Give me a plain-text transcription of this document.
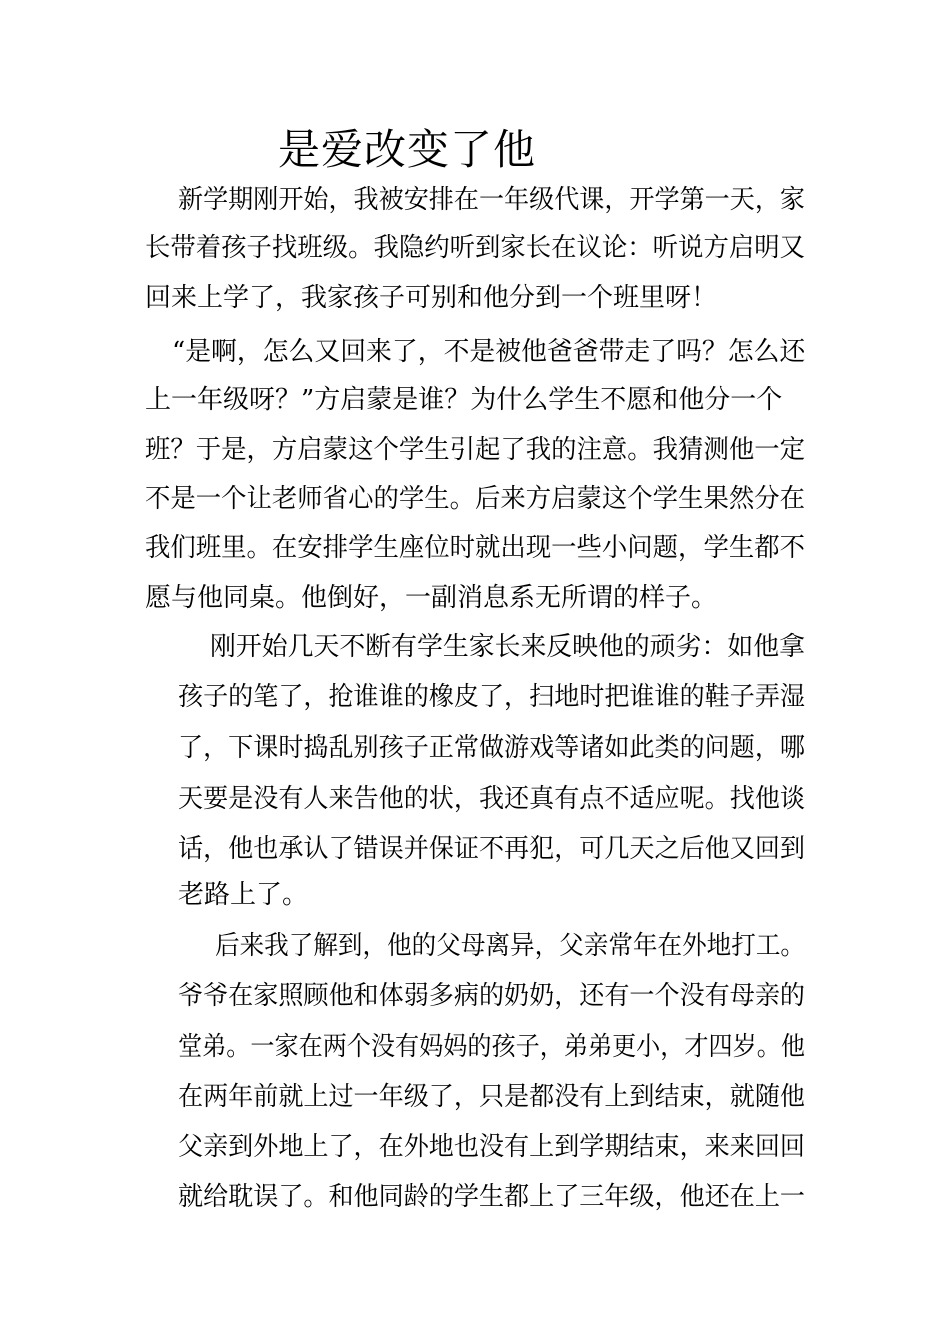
是爱改变了他
新学期刚开始，我被安排在一年级代课，开学第一天，家
长带着孩子找班级。我隐约听到家长在议论：听说方启明又
回来上学了，我家孩子可别和他分到一个班里呀！
“是啊，怎么又回来了，不是被他爸爸带走了吗？怎么还
上一年级呀？”方启蒙是谁？为什么学生不愿和他分一个
班？于是，方启蒙这个学生引起了我的注意。我猜测他一定
不是一个让老师省心的学生。后来方启蒙这个学生果然分在
我们班里。在安排学生座位时就出现一些小问题，学生都不
愿与他同桌。他倒好，一副消息系无所谓的样子。
刚开始几天不断有学生家长来反映他的顽劣：如他拿
孩子的笔了，抢谁谁的橡皮了，扫地时把谁谁的鞋子弄湿
了，下课时捣乱别孩子正常做游戏等诸如此类的问题，哪
天要是没有人来告他的状，我还真有点不适应呢。找他谈
话，他也承认了错误并保证不再犯，可几天之后他又回到
老路上了。
后来我了解到，他的父母离异，父亲常年在外地打工。
爷爷在家照顾他和体弱多病的奶奶，还有一个没有母亲的
堂弟。一家在两个没有妈妈的孩子，弟弟更小，才四岁。他
在两年前就上过一年级了，只是都没有上到结束，就随他
父亲到外地上了，在外地也没有上到学期结束，来来回回
就给耽误了。和他同龄的学生都上了三年级，他还在上一
